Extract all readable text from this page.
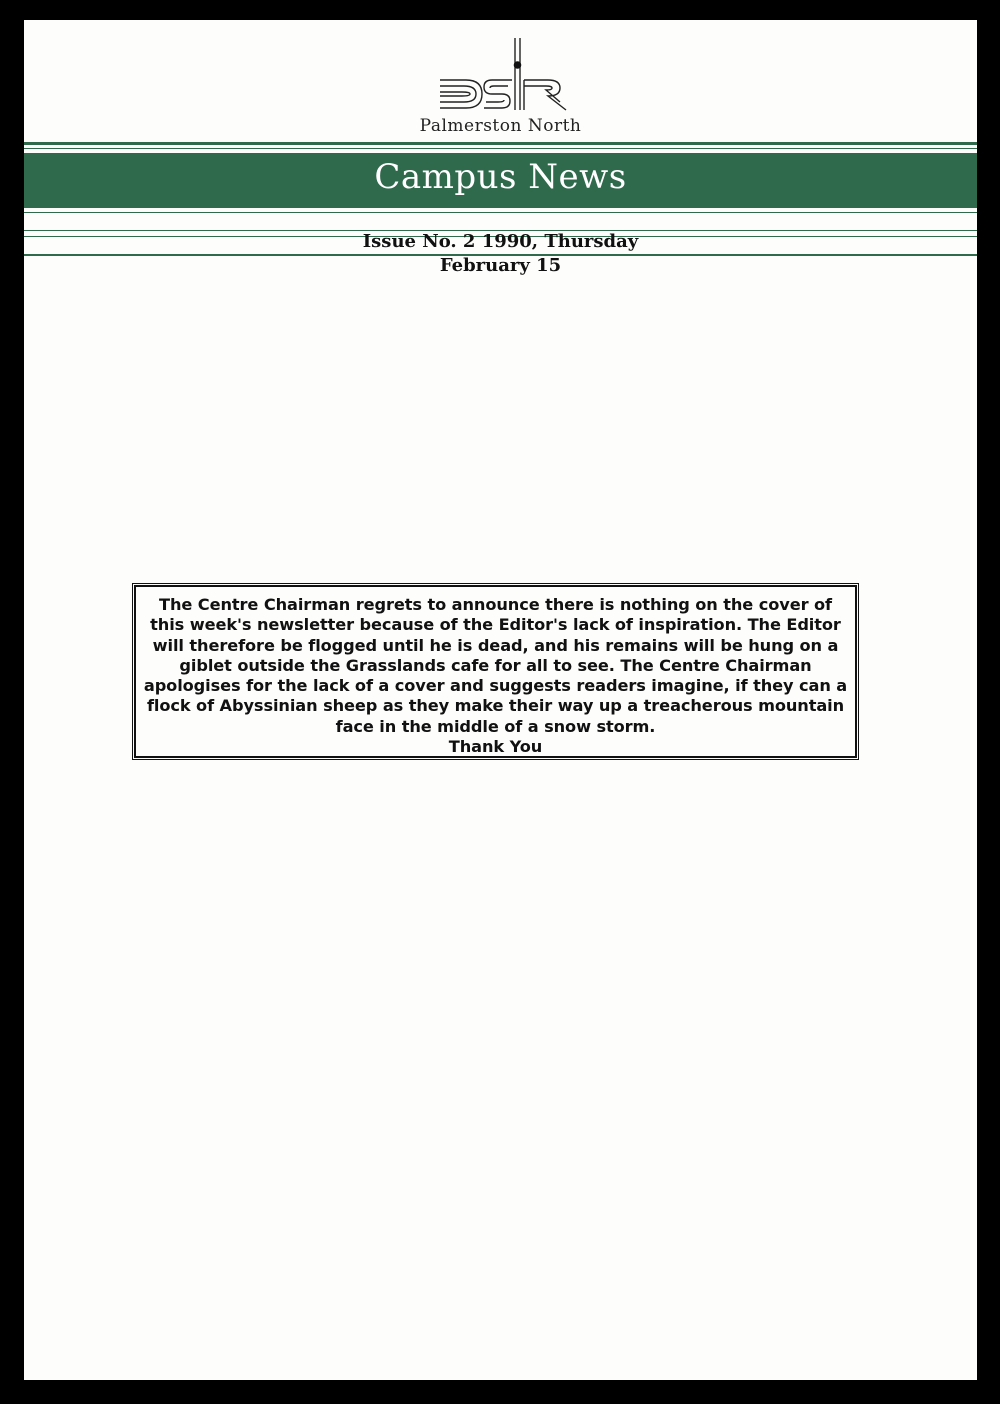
Palmerston North
Campus News
Issue No. 2 1990, Thursday
February 15

The Centre Chairman regrets to announce there is nothing on the cover of this week's newsletter because of the Editor's lack of inspiration. The Editor will therefore be flogged until he is dead, and his remains will be hung on a giblet outside the Grasslands cafe for all to see. The Centre Chairman apologises for the lack of a cover and suggests readers imagine, if they can a flock of Abyssinian sheep as they make their way up a treacherous mountain face in the middle of a snow storm.

Thank You
